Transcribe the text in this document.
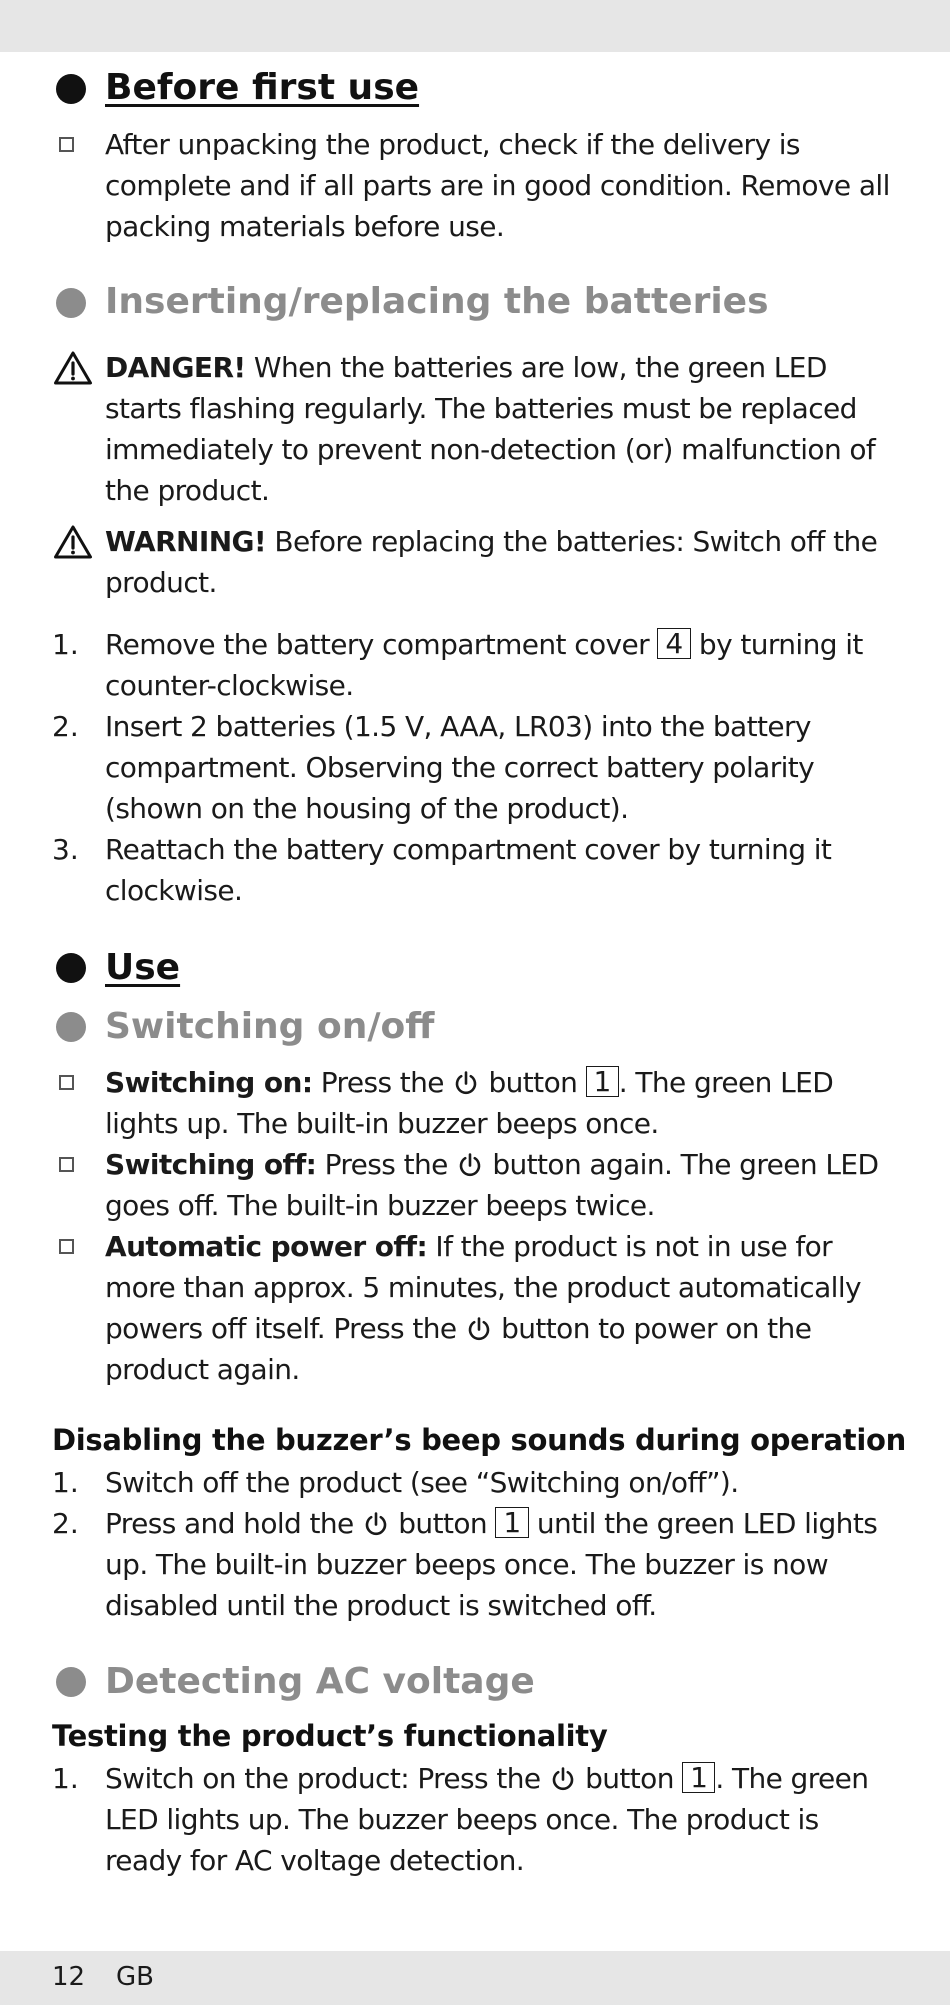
Before first use
After unpacking the product, check if the delivery is complete and if all parts are in good condition. Remove all packing materials before use.
Inserting/replacing the batteries
DANGER! When the batteries are low, the green LED starts flashing regularly. The batteries must be replaced immediately to prevent non-detection (or) malfunction of the product.
WARNING! Before replacing the batteries: Switch off the product.
1. Remove the battery compartment cover 4 by turning it counter-clockwise.
2. Insert 2 batteries (1.5 V, AAA, LR03) into the battery compartment. Observing the correct battery polarity (shown on the housing of the product).
3. Reattach the battery compartment cover by turning it clockwise.
Use
Switching on/off
Switching on: Press the  button 1 . The green LED lights up. The built-in buzzer beeps once.
Switching off: Press the  button again. The green LED goes off. The built-in buzzer beeps twice.
Automatic power off: If the product is not in use for more than approx. 5 minutes, the product automatically powers off itself. Press the  button to power on the product again.
Disabling the buzzer’s beep sounds during operation
1. Switch off the product (see “Switching on/off”).
2. Press and hold the  button 1 until the green LED lights up. The built-in buzzer beeps once. The buzzer is now disabled until the product is switched off.
Detecting AC voltage
Testing the product’s functionality
1. Switch on the product: Press the  button 1 . The green LED lights up. The buzzer beeps once. The product is ready for AC voltage detection.
12 GB
